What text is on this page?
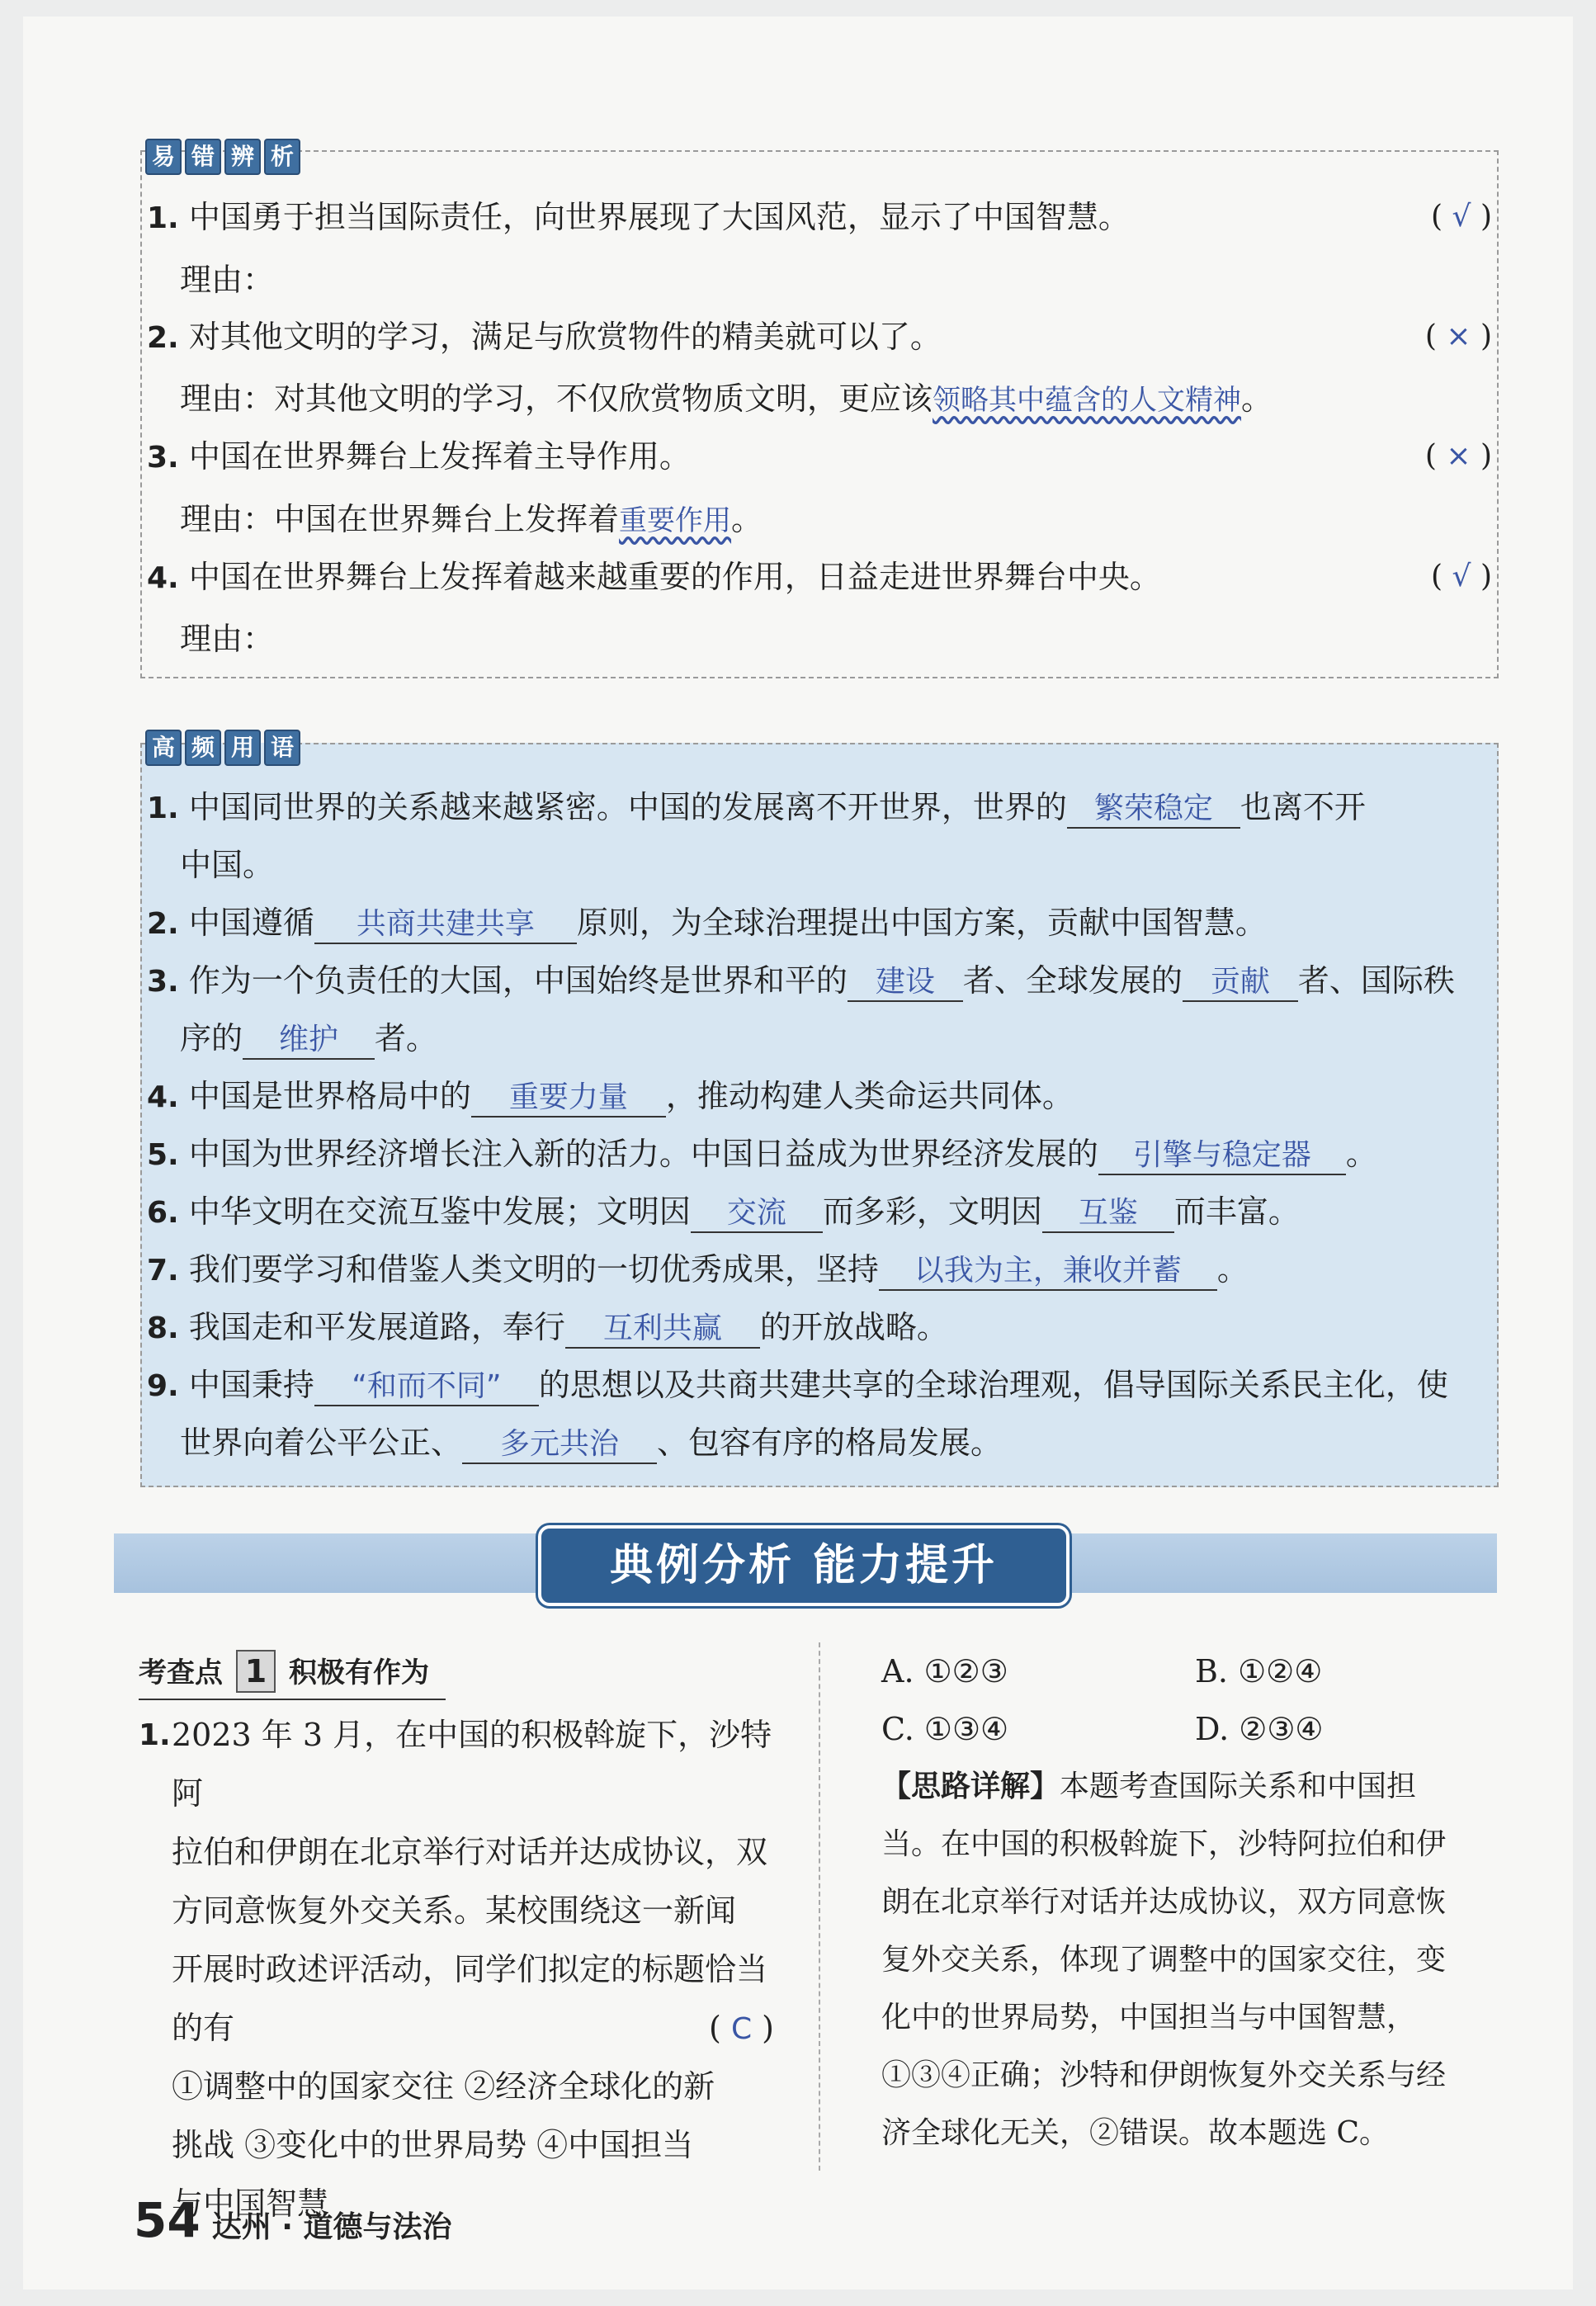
易 错 辨 析
1. 中国勇于担当国际责任，向世界展现了大国风范，显示了中国智慧。	( √ )
理由：
2. 对其他文明的学习，满足与欣赏物件的精美就可以了。	( × )
理由：对其他文明的学习，不仅欣赏物质文明，更应该领略其中蕴含的人文精神。
3. 中国在世界舞台上发挥着主导作用。	( × )
理由：中国在世界舞台上发挥着重要作用。
4. 中国在世界舞台上发挥着越来越重要的作用，日益走进世界舞台中央。	( √ )
理由：
高 频 用 语
1. 中国同世界的关系越来越紧密。中国的发展离不开世界，世界的 繁荣稳定 也离不开
中国。
2. 中国遵循 共商共建共享 原则，为全球治理提出中国方案，贡献中国智慧。
3. 作为一个负责任的大国，中国始终是世界和平的 建设 者、全球发展的 贡献 者、国际秩
序的 维护 者。
4. 中国是世界格局中的 重要力量 ，推动构建人类命运共同体。
5. 中国为世界经济增长注入新的活力。中国日益成为世界经济发展的 引擎与稳定器 。
6. 中华文明在交流互鉴中发展；文明因 交流 而多彩，文明因 互鉴 而丰富。
7. 我们要学习和借鉴人类文明的一切优秀成果，坚持 以我为主，兼收并蓄 。
8. 我国走和平发展道路，奉行 互利共赢 的开放战略。
9. 中国秉持 “和而不同” 的思想以及共商共建共享的全球治理观，倡导国际关系民主化，使
世界向着公平公正、 多元共治 、包容有序的格局发展。
典例分析 能力提升
考查点 1 积极有作为
1. 2023 年 3 月，在中国的积极斡旋下，沙特阿
拉伯和伊朗在北京举行对话并达成协议，双
方同意恢复外交关系。某校围绕这一新闻
开展时政述评活动，同学们拟定的标题恰当
的有	( C )
①调整中的国家交往 ②经济全球化的新
挑战 ③变化中的世界局势 ④中国担当
与中国智慧
A. ①②③	B. ①②④
C. ①③④	D. ②③④
【思路详解】本题考查国际关系和中国担
当。在中国的积极斡旋下，沙特阿拉伯和伊
朗在北京举行对话并达成协议，双方同意恢
复外交关系，体现了调整中的国家交往，变
化中的世界局势，中国担当与中国智慧，
①③④正确；沙特和伊朗恢复外交关系与经
济全球化无关，②错误。故本题选 C。
54 达州 · 道德与法治
